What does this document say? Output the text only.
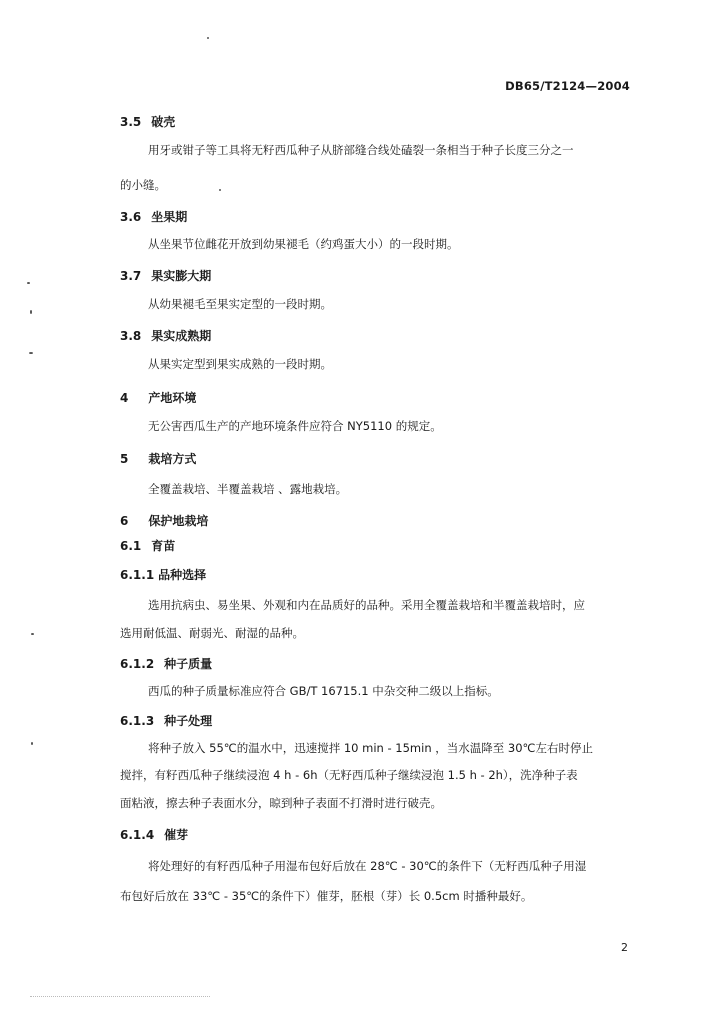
DB65/T2124—2004
3.5 破壳
用牙或钳子等工具将无籽西瓜种子从脐部缝合线处磕裂一条相当于种子长度三分之一
的小缝。
3.6 坐果期
从坐果节位雌花开放到幼果褪毛（约鸡蛋大小）的一段时期。
3.7 果实膨大期
从幼果褪毛至果实定型的一段时期。
3.8 果实成熟期
从果实定型到果实成熟的一段时期。
4 产地环境
无公害西瓜生产的产地环境条件应符合 NY5110 的规定。
5 栽培方式
全覆盖栽培、半覆盖栽培 、露地栽培。
6 保护地栽培
6.1 育苗
6.1.1 品种选择
选用抗病虫、易坐果、外观和内在品质好的品种。采用全覆盖栽培和半覆盖栽培时，应
选用耐低温、耐弱光、耐湿的品种。
6.1.2 种子质量
西瓜的种子质量标准应符合 GB/T 16715.1 中杂交种二级以上指标。
6.1.3 种子处理
将种子放入 55℃的温水中，迅速搅拌 10 min - 15min ，当水温降至 30℃左右时停止
搅拌，有籽西瓜种子继续浸泡 4 h - 6h（无籽西瓜种子继续浸泡 1.5 h - 2h），洗净种子表
面粘液，擦去种子表面水分，晾到种子表面不打滑时进行破壳。
6.1.4 催芽
将处理好的有籽西瓜种子用湿布包好后放在 28℃ - 30℃的条件下（无籽西瓜种子用湿
布包好后放在 33℃ - 35℃的条件下）催芽，胚根（芽）长 0.5cm 时播种最好。
2
